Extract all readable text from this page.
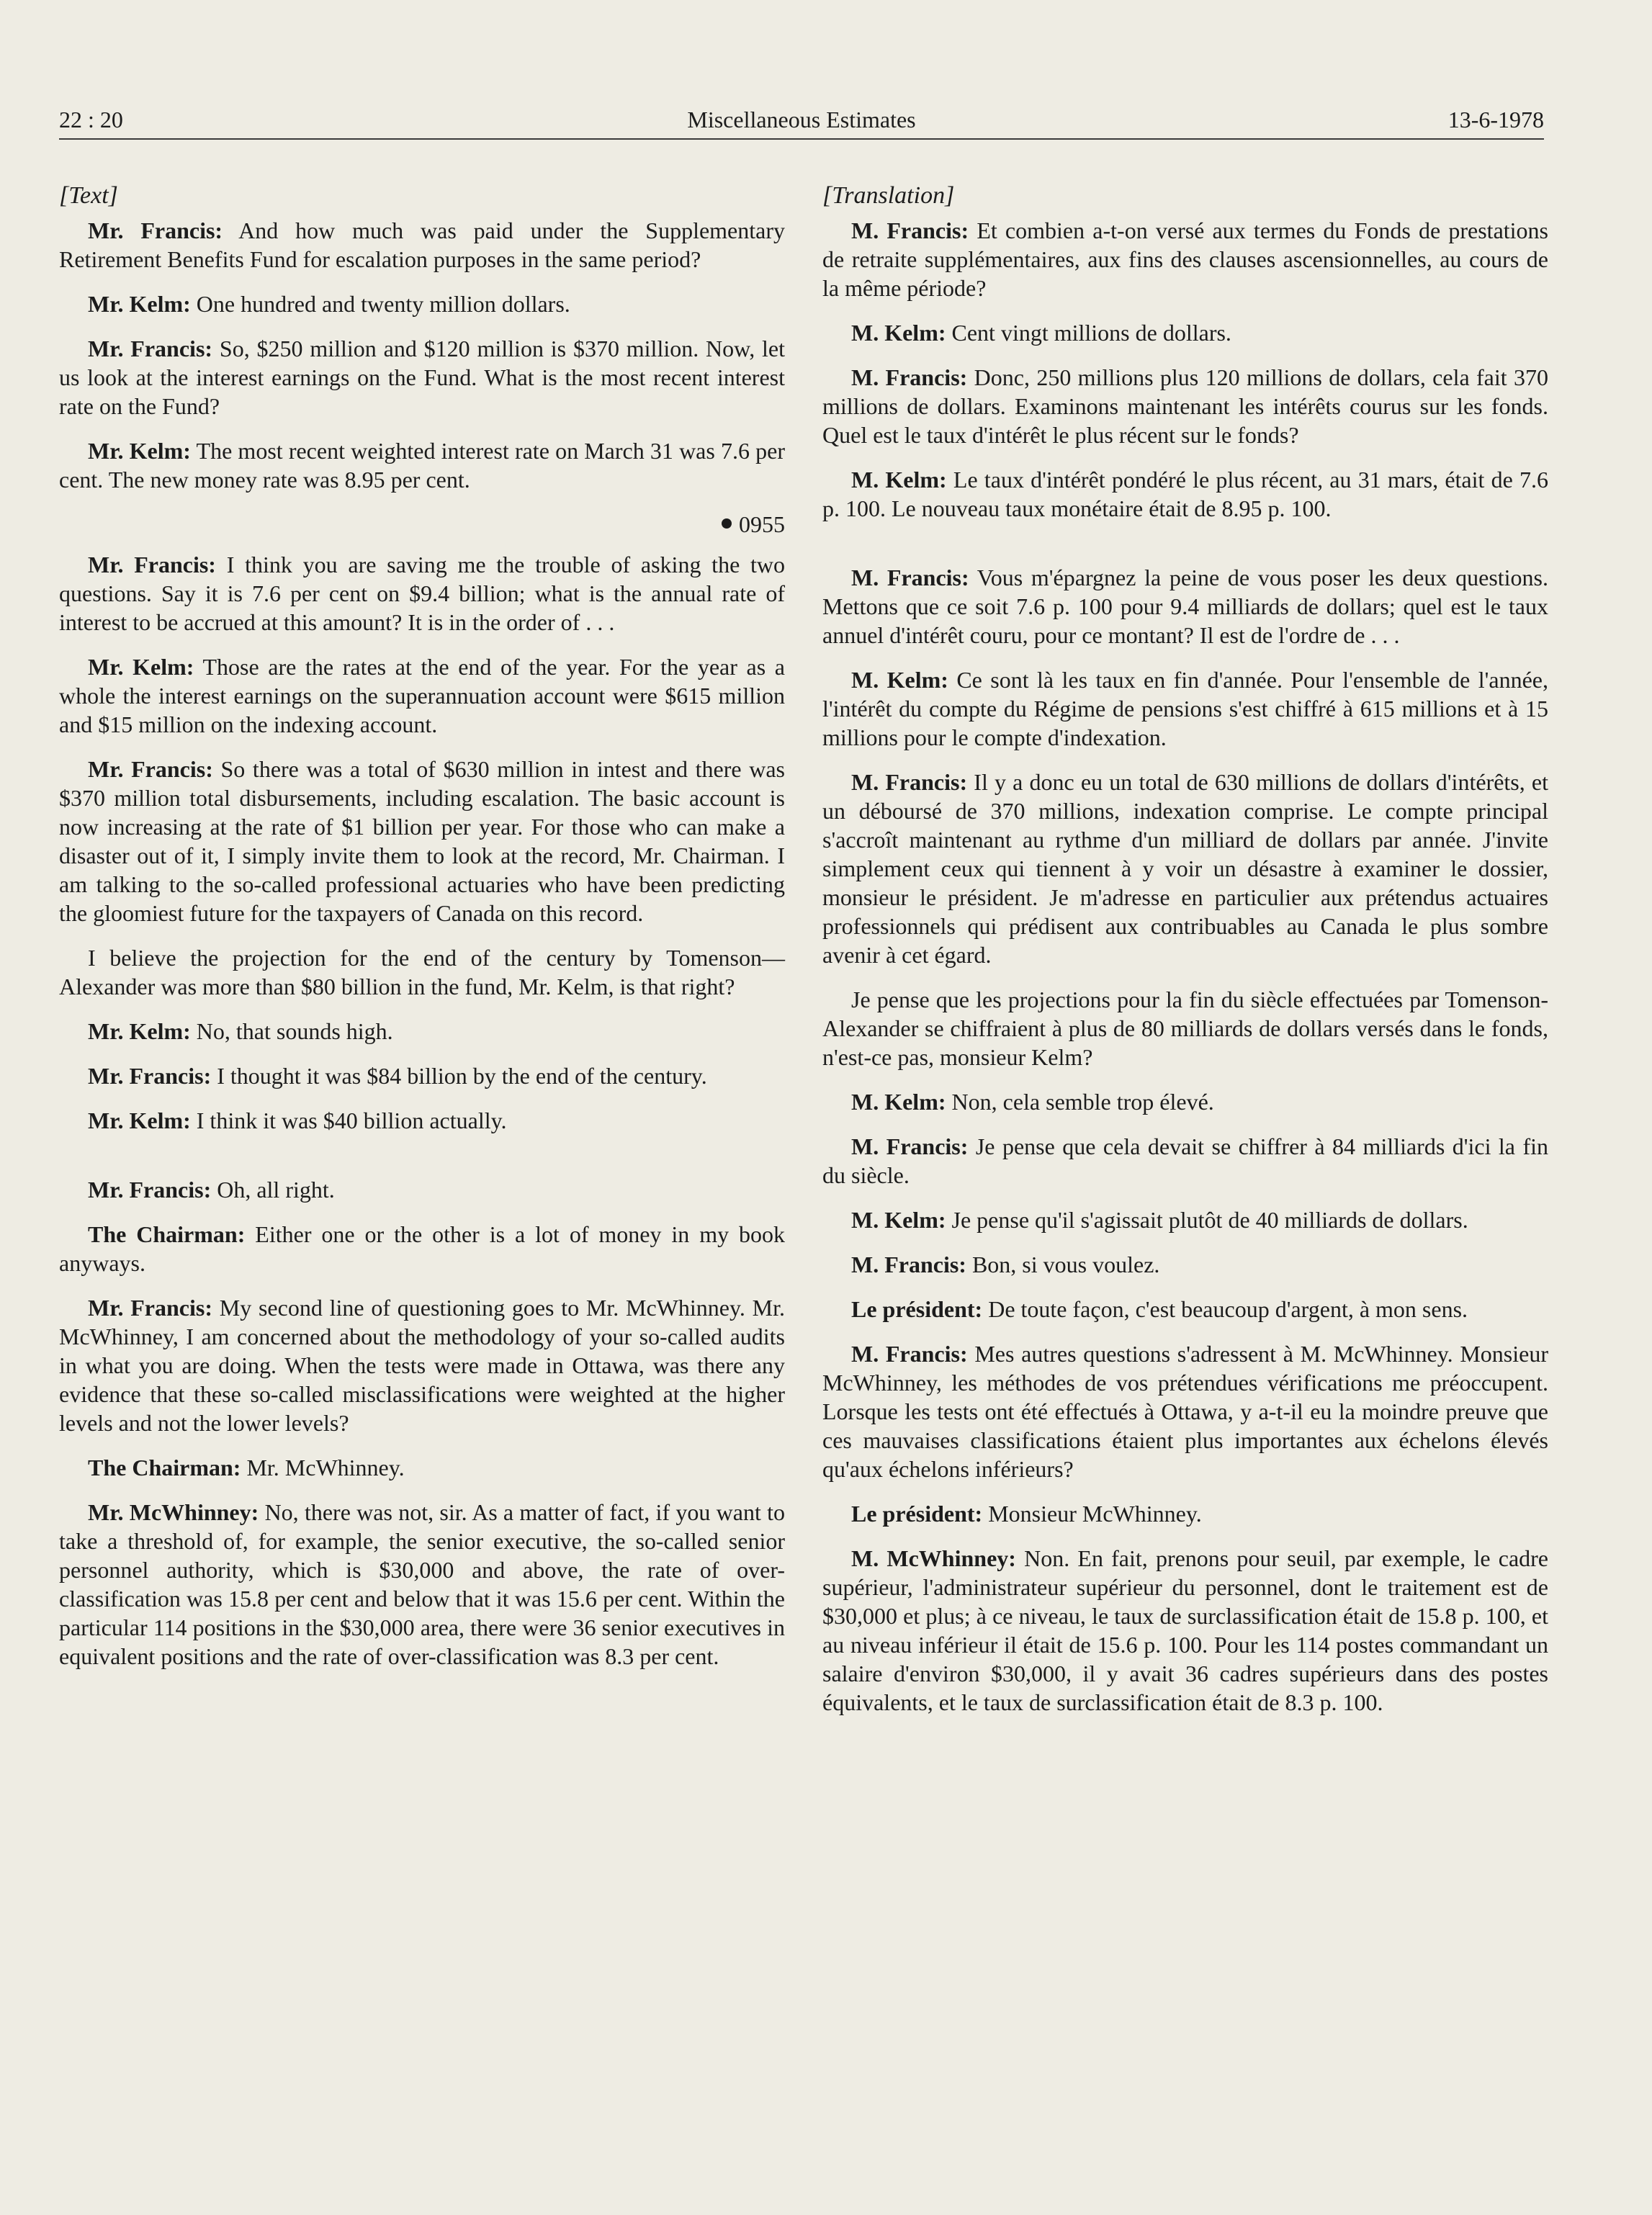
22 : 20	Miscellaneous Estimates	13-6-1978
[Text]

Mr. Francis: And how much was paid under the Supplementary Retirement Benefits Fund for escalation purposes in the same period?

Mr. Kelm: One hundred and twenty million dollars.

Mr. Francis: So, $250 million and $120 million is $370 million. Now, let us look at the interest earnings on the Fund. What is the most recent interest rate on the Fund?

Mr. Kelm: The most recent weighted interest rate on March 31 was 7.6 per cent. The new money rate was 8.95 per cent.

0955

Mr. Francis: I think you are saving me the trouble of asking the two questions. Say it is 7.6 per cent on $9.4 billion; what is the annual rate of interest to be accrued at this amount? It is in the order of . . .

Mr. Kelm: Those are the rates at the end of the year. For the year as a whole the interest earnings on the superannuation account were $615 million and $15 million on the indexing account.

Mr. Francis: So there was a total of $630 million in intest and there was $370 million total disbursements, including escalation. The basic account is now increasing at the rate of $1 billion per year. For those who can make a disaster out of it, I simply invite them to look at the record, Mr. Chairman. I am talking to the so-called professional actuaries who have been predicting the gloomiest future for the taxpayers of Canada on this record.

I believe the projection for the end of the century by Tomenson—Alexander was more than $80 billion in the fund, Mr. Kelm, is that right?

Mr. Kelm: No, that sounds high.

Mr. Francis: I thought it was $84 billion by the end of the century.

Mr. Kelm: I think it was $40 billion actually.

Mr. Francis: Oh, all right.

The Chairman: Either one or the other is a lot of money in my book anyways.

Mr. Francis: My second line of questioning goes to Mr. McWhinney. Mr. McWhinney, I am concerned about the methodology of your so-called audits in what you are doing. When the tests were made in Ottawa, was there any evidence that these so-called misclassifications were weighted at the higher levels and not the lower levels?

The Chairman: Mr. McWhinney.

Mr. McWhinney: No, there was not, sir. As a matter of fact, if you want to take a threshold of, for example, the senior executive, the so-called senior personnel authority, which is $30,000 and above, the rate of over-classification was 15.8 per cent and below that it was 15.6 per cent. Within the particular 114 positions in the $30,000 area, there were 36 senior executives in equivalent positions and the rate of over-classification was 8.3 per cent.

[Translation]

M. Francis: Et combien a-t-on versé aux termes du Fonds de prestations de retraite supplémentaires, aux fins des clauses ascensionnelles, au cours de la même période?

M. Kelm: Cent vingt millions de dollars.

M. Francis: Donc, 250 millions plus 120 millions de dollars, cela fait 370 millions de dollars. Examinons maintenant les intérêts courus sur les fonds. Quel est le taux d'intérêt le plus récent sur le fonds?

M. Kelm: Le taux d'intérêt pondéré le plus récent, au 31 mars, était de 7.6 p. 100. Le nouveau taux monétaire était de 8.95 p. 100.

M. Francis: Vous m'épargnez la peine de vous poser les deux questions. Mettons que ce soit 7.6 p. 100 pour 9.4 milliards de dollars; quel est le taux annuel d'intérêt couru, pour ce montant? Il est de l'ordre de . . .

M. Kelm: Ce sont là les taux en fin d'année. Pour l'ensemble de l'année, l'intérêt du compte du Régime de pensions s'est chiffré à 615 millions et à 15 millions pour le compte d'indexation.

M. Francis: Il y a donc eu un total de 630 millions de dollars d'intérêts, et un déboursé de 370 millions, indexation comprise. Le compte principal s'accroît maintenant au rythme d'un milliard de dollars par année. J'invite simplement ceux qui tiennent à y voir un désastre à examiner le dossier, monsieur le président. Je m'adresse en particulier aux prétendus actuaires professionnels qui prédisent aux contribuables au Canada le plus sombre avenir à cet égard.

Je pense que les projections pour la fin du siècle effectuées par Tomenson-Alexander se chiffraient à plus de 80 milliards de dollars versés dans le fonds, n'est-ce pas, monsieur Kelm?

M. Kelm: Non, cela semble trop élevé.

M. Francis: Je pense que cela devait se chiffrer à 84 milliards d'ici la fin du siècle.

M. Kelm: Je pense qu'il s'agissait plutôt de 40 milliards de dollars.

M. Francis: Bon, si vous voulez.

Le président: De toute façon, c'est beaucoup d'argent, à mon sens.

M. Francis: Mes autres questions s'adressent à M. McWhinney. Monsieur McWhinney, les méthodes de vos prétendues vérifications me préoccupent. Lorsque les tests ont été effectués à Ottawa, y a-t-il eu la moindre preuve que ces mauvaises classifications étaient plus importantes aux échelons élevés qu'aux échelons inférieurs?

Le président: Monsieur McWhinney.

M. McWhinney: Non. En fait, prenons pour seuil, par exemple, le cadre supérieur, l'administrateur supérieur du personnel, dont le traitement est de $30,000 et plus; à ce niveau, le taux de surclassification était de 15.8 p. 100, et au niveau inférieur il était de 15.6 p. 100. Pour les 114 postes commandant un salaire d'environ $30,000, il y avait 36 cadres supérieurs dans des postes équivalents, et le taux de surclassification était de 8.3 p. 100.
